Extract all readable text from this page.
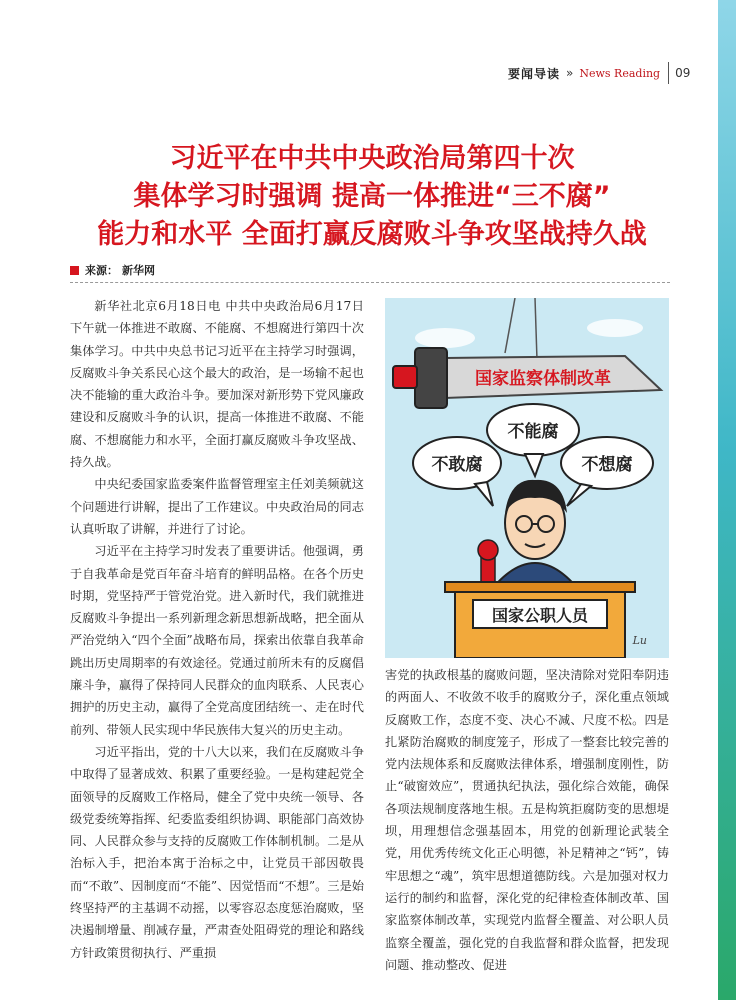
要闻导读 » News Reading 09
习近平在中共中央政治局第四十次
集体学习时强调 提高一体推进“三不腐”
能力和水平 全面打赢反腐败斗争攻坚战持久战
来源： 新华网

新华社北京6月18日电 中共中央政治局6月17日下午就一体推进不敢腐、不能腐、不想腐进行第四十次集体学习。中共中央总书记习近平在主持学习时强调，反腐败斗争关系民心这个最大的政治，是一场输不起也决不能输的重大政治斗争。要加深对新形势下党风廉政建设和反腐败斗争的认识，提高一体推进不敢腐、不能腐、不想腐能力和水平，全面打赢反腐败斗争攻坚战、持久战。

中央纪委国家监委案件监督管理室主任刘美频就这个问题进行讲解，提出了工作建议。中央政治局的同志认真听取了讲解，并进行了讨论。

习近平在主持学习时发表了重要讲话。他强调，勇于自我革命是党百年奋斗培育的鲜明品格。在各个历史时期，党坚持严于管党治党。进入新时代，我们就推进反腐败斗争提出一系列新理念新思想新战略，把全面从严治党纳入“四个全面”战略布局，探索出依靠自我革命跳出历史周期率的有效途径。党通过前所未有的反腐倡廉斗争，赢得了保持同人民群众的血肉联系、人民衷心拥护的历史主动，赢得了全党高度团结统一、走在时代前列、带领人民实现中华民族伟大复兴的历史主动。

习近平指出，党的十八大以来，我们在反腐败斗争中取得了显著成效、积累了重要经验。一是构建起党全面领导的反腐败工作格局，健全了党中央统一领导、各级党委统筹指挥、纪委监委组织协调、职能部门高效协同、人民群众参与支持的反腐败工作体制机制。二是从治标入手，把治本寓于治标之中，让党员干部因敬畏而“不敢”、因制度而“不能”、因觉悟而“不想”。三是始终坚持严的主基调不动摇，以零容忍态度惩治腐败，坚决遏制增量、削减存量，严肃查处阻碍党的理论和路线方针政策贯彻执行、严重损

国家监察体制改革
不能腐
不敢腐	不想腐
国家公职人员
Lu

害党的执政根基的腐败问题，坚决清除对党阳奉阴违的两面人、不收敛不收手的腐败分子，深化重点领域反腐败工作，态度不变、决心不减、尺度不松。四是扎紧防治腐败的制度笼子，形成了一整套比较完善的党内法规体系和反腐败法律体系，增强制度刚性，防止“破窗效应”，贯通执纪执法，强化综合效能，确保各项法规制度落地生根。五是构筑拒腐防变的思想堤坝，用理想信念强基固本，用党的创新理论武装全党，用优秀传统文化正心明德，补足精神之“钙”，铸牢思想之“魂”，筑牢思想道德防线。六是加强对权力运行的制约和监督，深化党的纪律检查体制改革、国家监察体制改革，实现党内监督全覆盖、对公职人员监察全覆盖，强化党的自我监督和群众监督，把发现问题、推动整改、促进
